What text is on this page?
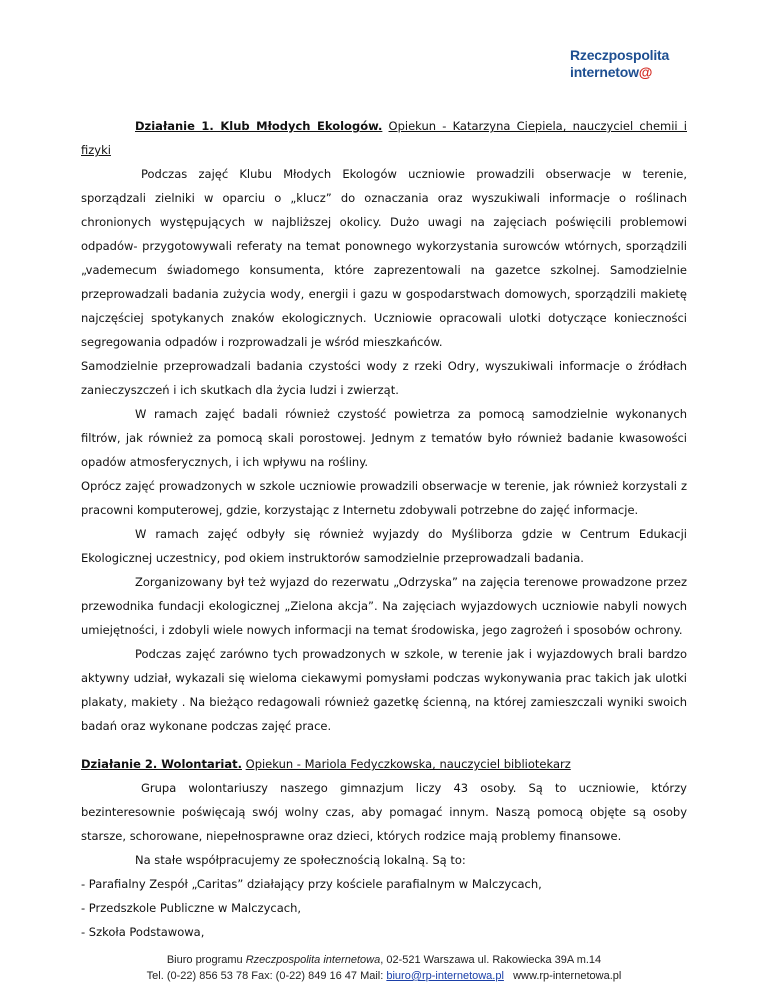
Rzeczpospolita
internetow@

Działanie 1. Klub Młodych Ekologów. Opiekun - Katarzyna Ciepiela, nauczyciel chemii i fizyki

Podczas zajęć Klubu Młodych Ekologów uczniowie prowadzili obserwacje w terenie, sporządzali zielniki w oparciu o „klucz” do oznaczania oraz wyszukiwali informacje o roślinach chronionych występujących w najbliższej okolicy. Dużo uwagi na zajęciach poświęcili problemowi odpadów- przygotowywali referaty na temat ponownego wykorzystania surowców wtórnych, sporządzili „vademecum świadomego konsumenta, które zaprezentowali na gazetce szkolnej. Samodzielnie przeprowadzali badania zużycia wody, energii i gazu w gospodarstwach domowych, sporządzili makietę najczęściej spotykanych znaków ekologicznych. Uczniowie opracowali ulotki dotyczące konieczności segregowania odpadów i rozprowadzali je wśród mieszkańców.

Samodzielnie przeprowadzali badania czystości wody z rzeki Odry, wyszukiwali informacje o źródłach zanieczyszczeń i ich skutkach dla życia ludzi i zwierząt.

W ramach zajęć badali również czystość powietrza za pomocą samodzielnie wykonanych filtrów, jak również za pomocą skali porostowej. Jednym z tematów było również badanie kwasowości opadów atmosferycznych, i ich wpływu na rośliny.

Oprócz zajęć prowadzonych w szkole uczniowie prowadzili obserwacje w terenie, jak również korzystali z pracowni komputerowej, gdzie, korzystając z Internetu zdobywali potrzebne do zajęć informacje.

W ramach zajęć odbyły się również wyjazdy do Myśliborza gdzie w Centrum Edukacji Ekologicznej uczestnicy, pod okiem instruktorów samodzielnie przeprowadzali badania.

Zorganizowany był też wyjazd do rezerwatu „Odrzyska” na zajęcia terenowe prowadzone przez przewodnika fundacji ekologicznej „Zielona akcja”. Na zajęciach wyjazdowych uczniowie nabyli nowych umiejętności, i zdobyli wiele nowych informacji na temat środowiska, jego zagrożeń i sposobów ochrony.

Podczas zajęć zarówno tych prowadzonych w szkole, w terenie jak i wyjazdowych brali bardzo aktywny udział, wykazali się wieloma ciekawymi pomysłami podczas wykonywania prac takich jak ulotki plakaty, makiety . Na bieżąco redagowali również gazetkę ścienną, na której zamieszczali wyniki swoich badań oraz wykonane podczas zajęć prace.

Działanie 2. Wolontariat. Opiekun - Mariola Fedyczkowska, nauczyciel bibliotekarz

Grupa wolontariuszy naszego gimnazjum liczy 43 osoby. Są to uczniowie, którzy bezinteresownie poświęcają swój wolny czas, aby pomagać innym. Naszą pomocą objęte są osoby starsze, schorowane, niepełnosprawne oraz dzieci, których rodzice mają problemy finansowe.

Na stałe współpracujemy ze społecznością lokalną. Są to:

- Parafialny Zespół „Caritas” działający przy kościele parafialnym w Malczycach,

- Przedszkole Publiczne w Malczycach,

- Szkoła Podstawowa,

Biuro programu Rzeczpospolita internetowa, 02-521 Warszawa ul. Rakowiecka 39A m.14
Tel. (0-22) 856 53 78 Fax: (0-22) 849 16 47 Mail: biuro@rp-internetowa.pl www.rp-internetowa.pl
